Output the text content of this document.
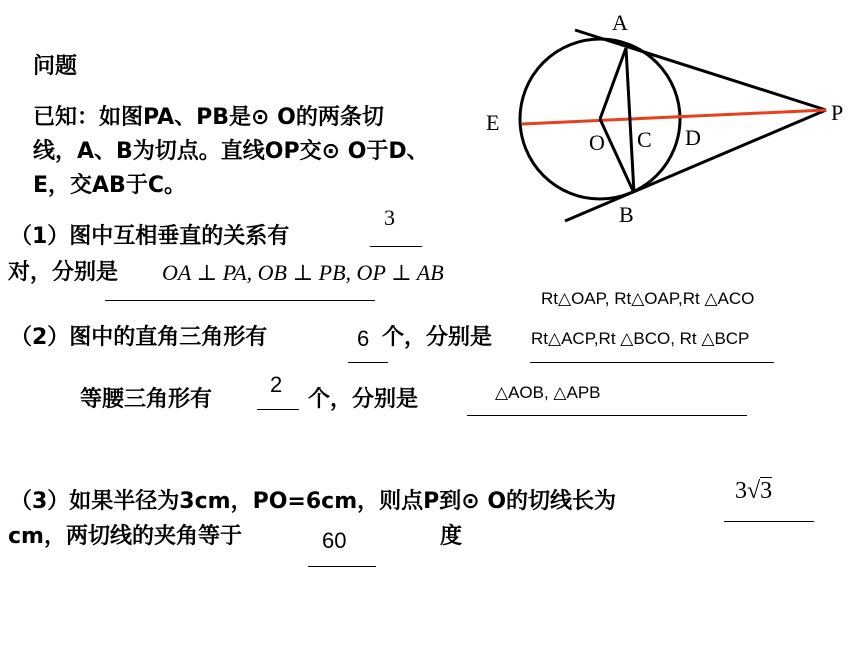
问题
已知：如图PA、PB是⊙ O的两条切
线，A、B为切点。直线OP交⊙ O于D、
E，交AB于C。
（1）图中互相垂直的关系有
3
对，分别是 OA ⊥ PA, OB ⊥ PB, OP ⊥ AB
Rt△OAP, Rt△OAP,Rt △ACO
（2）图中的直角三角形有	6 个，分别是 Rt△ACP,Rt △BCO, Rt △BCP
等腰三角形有
2
个，分别是	△AOB, △APB
（3）如果半径为3cm，PO=6cm，则点P到⊙ O的切线长为	3√3
cm，两切线的夹角等于	60	度
A
B
C D
E
O
P
